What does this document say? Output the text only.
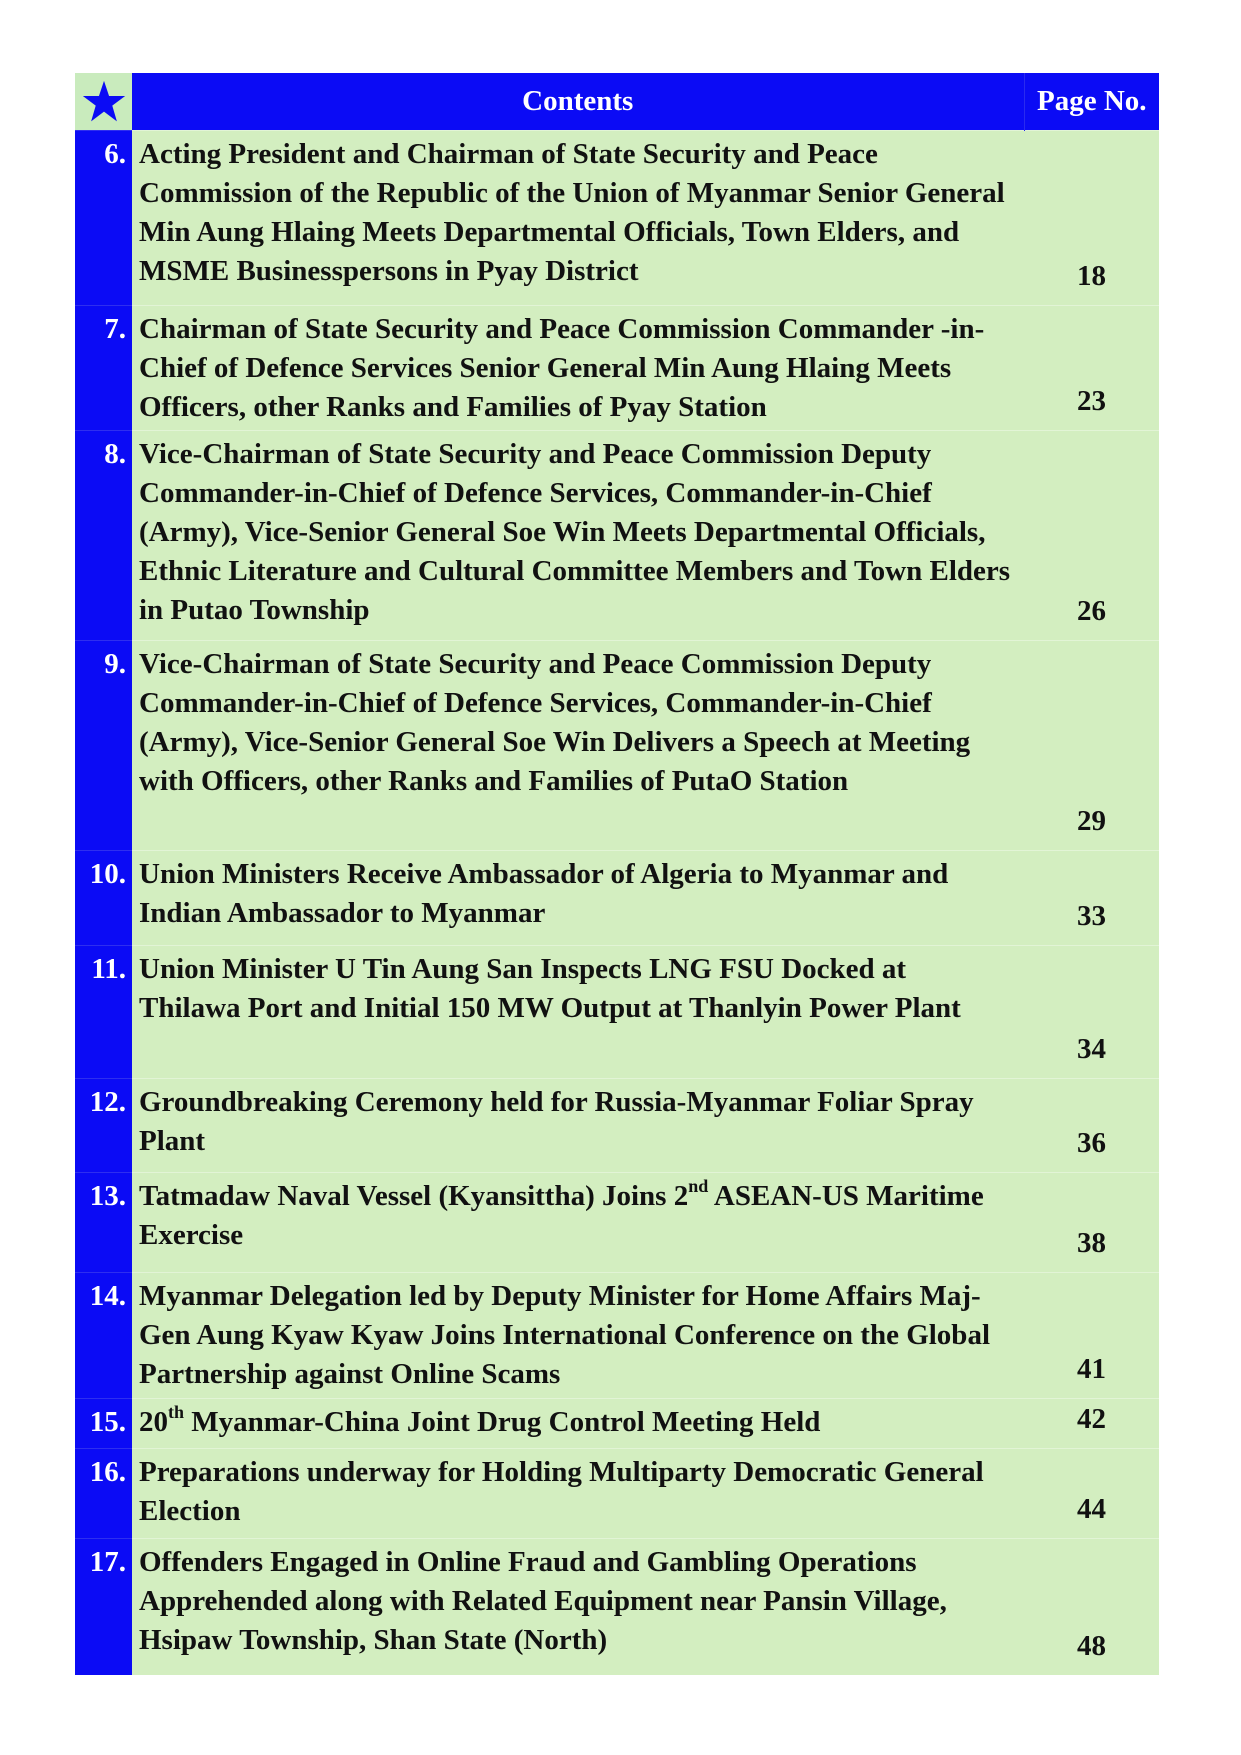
	Contents	Page No.
6.	Acting President and Chairman of State Security and Peace Commission of the Republic of the Union of Myanmar Senior General Min Aung Hlaing Meets Departmental Officials, Town Elders, and MSME Businesspersons in Pyay District	18
7.	Chairman of State Security and Peace Commission Commander -in-Chief of Defence Services Senior General Min Aung Hlaing Meets Officers, other Ranks and Families of Pyay Station	23
8.	Vice-Chairman of State Security and Peace Commission Deputy Commander-in-Chief of Defence Services, Commander-in-Chief (Army), Vice-Senior General Soe Win Meets Departmental Officials, Ethnic Literature and Cultural Committee Members and Town Elders in Putao Township	26
9.	Vice-Chairman of State Security and Peace Commission Deputy Commander-in-Chief of Defence Services, Commander-in-Chief (Army), Vice-Senior General Soe Win Delivers a Speech at Meeting with Officers, other Ranks and Families of PutaO Station	29
10.	Union Ministers Receive Ambassador of Algeria to Myanmar and Indian Ambassador to Myanmar	33
11.	Union Minister U Tin Aung San Inspects LNG FSU Docked at Thilawa Port and Initial 150 MW Output at Thanlyin Power Plant	34
12.	Groundbreaking Ceremony held for Russia-Myanmar Foliar Spray Plant	36
13.	Tatmadaw Naval Vessel (Kyansittha) Joins 2nd ASEAN-US Maritime Exercise	38
14.	Myanmar Delegation led by Deputy Minister for Home Affairs Maj-Gen Aung Kyaw Kyaw Joins International Conference on the Global Partnership against Online Scams	41
15.	20th Myanmar-China Joint Drug Control Meeting Held	42
16.	Preparations underway for Holding Multiparty Democratic General Election	44
17.	Offenders Engaged in Online Fraud and Gambling Operations Apprehended along with Related Equipment near Pansin Village, Hsipaw Township, Shan State (North)	48
